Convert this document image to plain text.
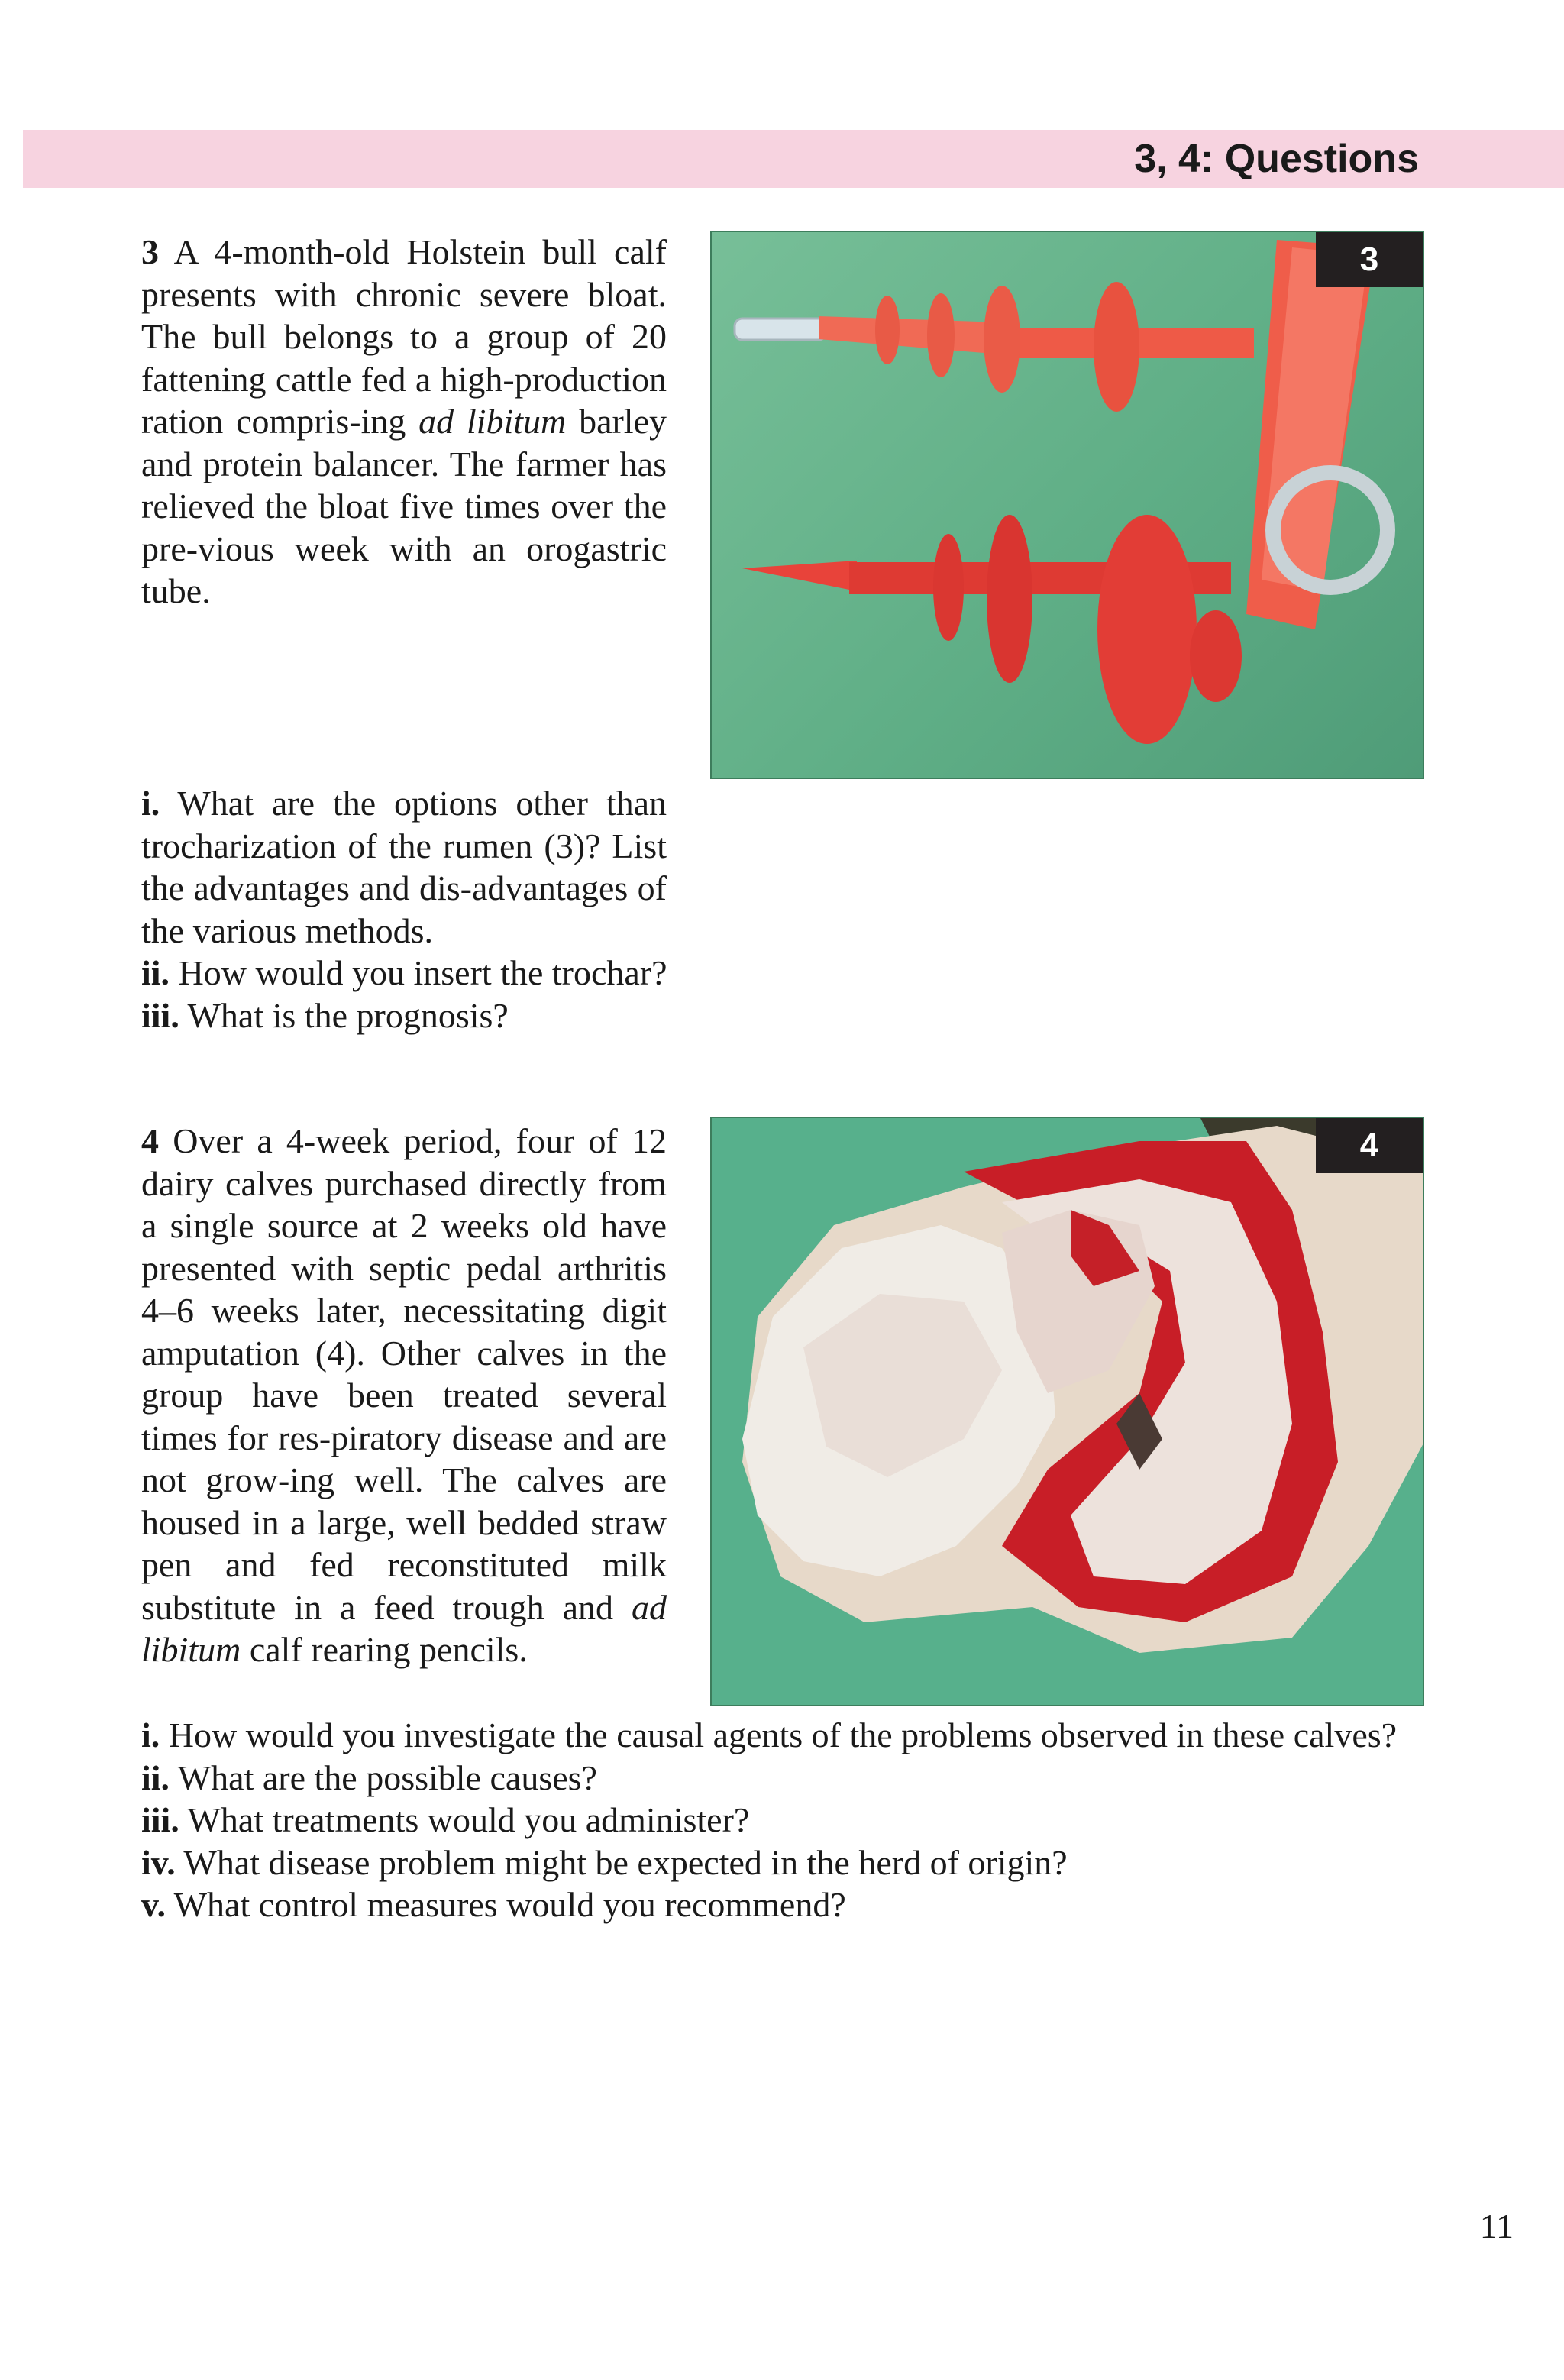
3, 4: Questions

3 A 4-month-old Holstein bull calf presents with chronic severe bloat. The bull belongs to a group of 20 fattening cattle fed a high-production ration compris-ing ad libitum barley and protein balancer. The farmer has relieved the bloat five times over the pre-vious week with an orogastric tube.

3

i. What are the options other than trocharization of the rumen (3)? List the advantages and dis-advantages of the various methods.

ii. How would you insert the trochar?

iii. What is the prognosis?

4 Over a 4-week period, four of 12 dairy calves purchased directly from a single source at 2 weeks old have presented with septic pedal arthritis 4–6 weeks later, necessitating digit amputation (4). Other calves in the group have been treated several times for res-piratory disease and are not grow-ing well. The calves are housed in a large, well bedded straw pen and fed reconstituted milk substitute in a feed trough and ad libitum calf rearing pencils.

4

i. How would you investigate the causal agents of the problems observed in these calves?

ii. What are the possible causes?

iii. What treatments would you administer?

iv. What disease problem might be expected in the herd of origin?

v. What control measures would you recommend?

11
